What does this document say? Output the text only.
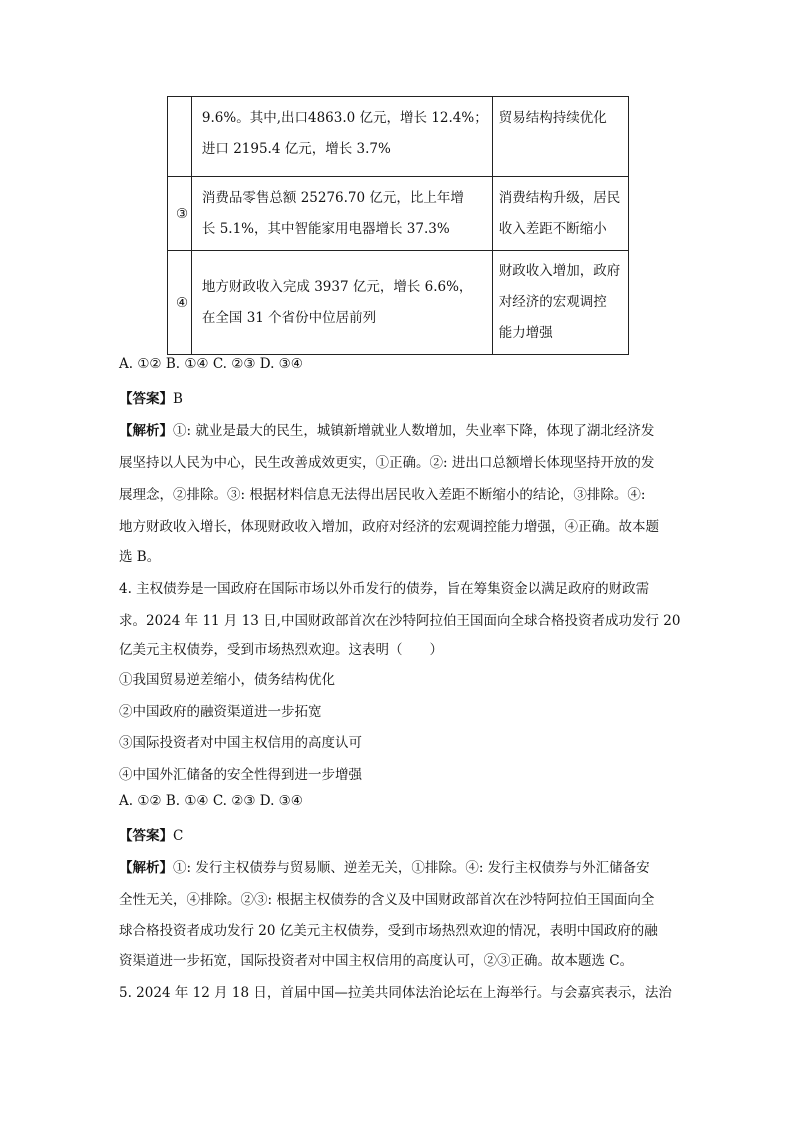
	9.6%。其中,出口4863.0 亿元，增长 12.4%；
进口 2195.4 亿元，增长 3.7%	贸易结构持续优化

③	消费品零售总额 25276.70 亿元，比上年增
长 5.1%，其中智能家用电器增长 37.3%	消费结构升级，居民
收入差距不断缩小

④	地方财政收入完成 3937 亿元，增长 6.6%，
在全国 31 个省份中位居前列	财政收入增加，政府
对经济的宏观调控
能力增强
A. ①② B. ①④ C. ②③ D. ③④
【答案】B
【解析】①: 就业是最大的民生，城镇新增就业人数增加，失业率下降，体现了湖北经济发
展坚持以人民为中心，民生改善成效更实，①正确。②: 进出口总额增长体现坚持开放的发
展理念，②排除。③: 根据材料信息无法得出居民收入差距不断缩小的结论，③排除。④:
地方财政收入增长，体现财政收入增加，政府对经济的宏观调控能力增强，④正确。故本题
选 B。
4. 主权债券是一国政府在国际市场以外币发行的债券，旨在筹集资金以满足政府的财政需
求。2024 年 11 月 13 日,中国财政部首次在沙特阿拉伯王国面向全球合格投资者成功发行 20
亿美元主权债券，受到市场热烈欢迎。这表明（　　）
①我国贸易逆差缩小，债务结构优化
②中国政府的融资渠道进一步拓宽
③国际投资者对中国主权信用的高度认可
④中国外汇储备的安全性得到进一步增强
A. ①② B. ①④ C. ②③ D. ③④
【答案】C
【解析】①: 发行主权债券与贸易顺、逆差无关，①排除。④: 发行主权债券与外汇储备安
全性无关，④排除。②③: 根据主权债券的含义及中国财政部首次在沙特阿拉伯王国面向全
球合格投资者成功发行 20 亿美元主权债券，受到市场热烈欢迎的情况，表明中国政府的融
资渠道进一步拓宽，国际投资者对中国主权信用的高度认可，②③正确。故本题选 C。
5. 2024 年 12 月 18 日，首届中国—拉美共同体法治论坛在上海举行。与会嘉宾表示，法治
